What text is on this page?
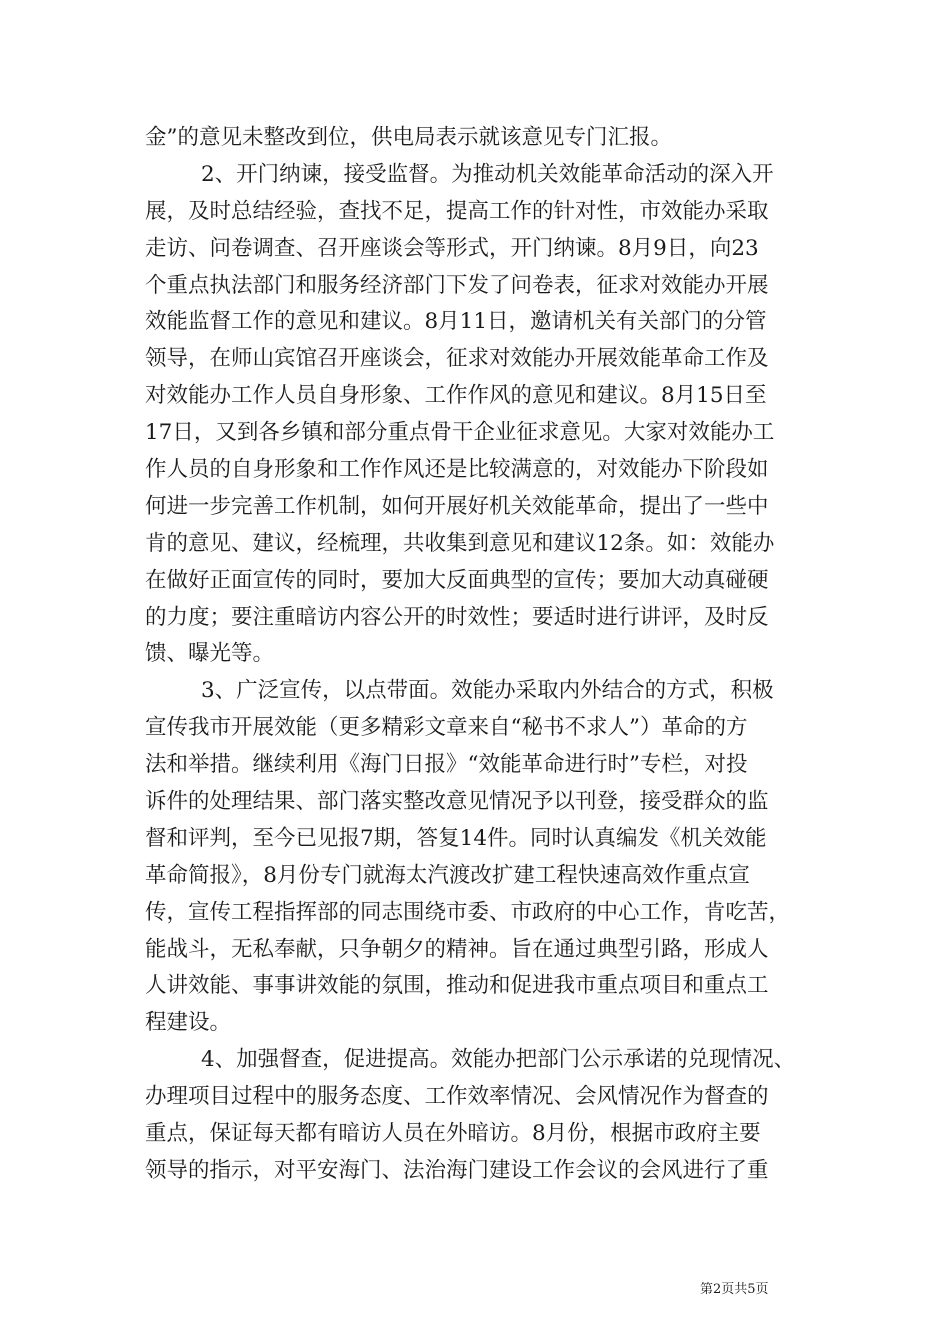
金”的意见未整改到位，供电局表示就该意见专门汇报。
2、开门纳谏，接受监督。为推动机关效能革命活动的深入开
展，及时总结经验，查找不足，提高工作的针对性，市效能办采取
走访、问卷调查、召开座谈会等形式，开门纳谏。8月9日，向23
个重点执法部门和服务经济部门下发了问卷表，征求对效能办开展
效能监督工作的意见和建议。8月11日，邀请机关有关部门的分管
领导，在师山宾馆召开座谈会，征求对效能办开展效能革命工作及
对效能办工作人员自身形象、工作作风的意见和建议。8月15日至
17日，又到各乡镇和部分重点骨干企业征求意见。大家对效能办工
作人员的自身形象和工作作风还是比较满意的，对效能办下阶段如
何进一步完善工作机制，如何开展好机关效能革命，提出了一些中
肯的意见、建议，经梳理，共收集到意见和建议12条。如：效能办
在做好正面宣传的同时，要加大反面典型的宣传；要加大动真碰硬
的力度；要注重暗访内容公开的时效性；要适时进行讲评，及时反
馈、曝光等。
3、广泛宣传，以点带面。效能办采取内外结合的方式，积极
宣传我市开展效能（更多精彩文章来自“秘书不求人”）革命的方
法和举措。继续利用《海门日报》“效能革命进行时”专栏，对投
诉件的处理结果、部门落实整改意见情况予以刊登，接受群众的监
督和评判，至今已见报7期，答复14件。同时认真编发《机关效能
革命简报》，8月份专门就海太汽渡改扩建工程快速高效作重点宣
传，宣传工程指挥部的同志围绕市委、市政府的中心工作，肯吃苦，
能战斗，无私奉献，只争朝夕的精神。旨在通过典型引路，形成人
人讲效能、事事讲效能的氛围，推动和促进我市重点项目和重点工
程建设。
4、加强督查，促进提高。效能办把部门公示承诺的兑现情况、
办理项目过程中的服务态度、工作效率情况、会风情况作为督查的
重点，保证每天都有暗访人员在外暗访。8月份，根据市政府主要
领导的指示，对平安海门、法治海门建设工作会议的会风进行了重
第2页共5页
